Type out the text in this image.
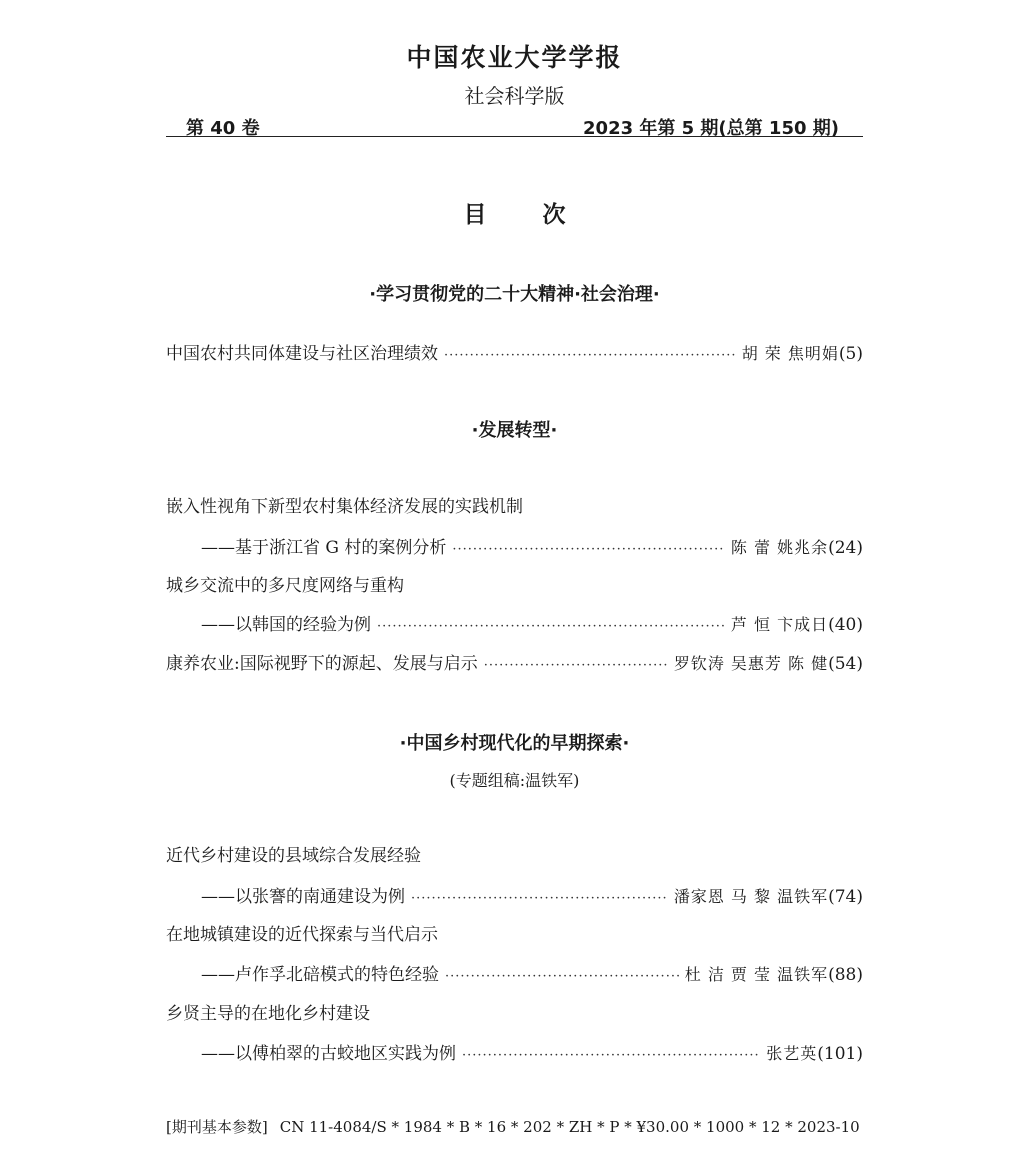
中国农业大学学报
社会科学版
第 40 卷	2023 年第 5 期(总第 150 期)
目 次
·学习贯彻党的二十大精神·社会治理·
中国农村共同体建设与社区治理绩效 ·····	胡 荣 焦明娟 (5)
·发展转型·
嵌入性视角下新型农村集体经济发展的实践机制
——基于浙江省 G 村的案例分析 ·····	陈 蕾 姚兆余 (24)
城乡交流中的多尺度网络与重构
——以韩国的经验为例 ·····	芦 恒 卞成日 (40)
康养农业:国际视野下的源起、发展与启示 ·····	罗钦涛 吴惠芳 陈 健 (54)
·中国乡村现代化的早期探索·
(专题组稿:温铁军)
近代乡村建设的县域综合发展经验
——以张謇的南通建设为例 ·····	潘家恩 马 黎 温铁军 (74)
在地城镇建设的近代探索与当代启示
——卢作孚北碚模式的特色经验 ·····	杜 洁 贾 莹 温铁军 (88)
乡贤主导的在地化乡村建设
——以傅柏翠的古蛟地区实践为例 ·····	张艺英 (101)
[期刊基本参数] CN 11-4084/S * 1984 * B * 16 * 202 * ZH * P * ¥30.00 * 1000 * 12 * 2023-10
